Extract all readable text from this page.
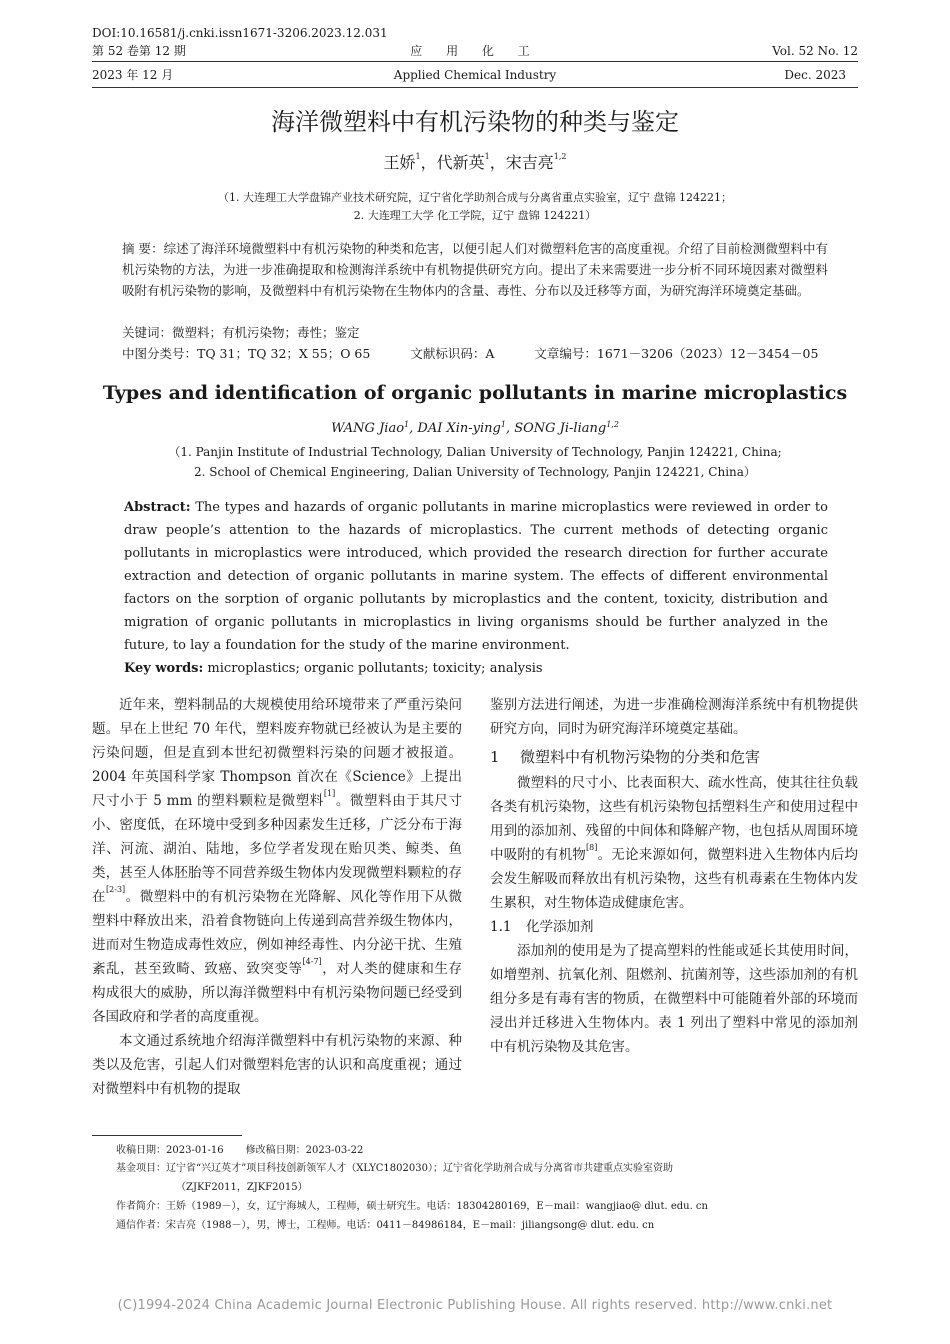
DOI:10.16581/j.cnki.issn1671-3206.2023.12.031
第 52 卷第 12 期	应 用 化 工	Vol. 52 No. 12
2023 年 12 月	Applied Chemical Industry	Dec. 2023
海洋微塑料中有机污染物的种类与鉴定
王娇$^1$，代新英$^1$，宋吉亮$^{1,2}$
（1. 大连理工大学盘锦产业技术研究院，辽宁省化学助剂合成与分离省重点实验室，辽宁 盘锦 124221；
2. 大连理工大学 化工学院，辽宁 盘锦 124221）
摘 要：综述了海洋环境微塑料中有机污染物的种类和危害，以便引起人们对微塑料危害的高度重视。介绍了目前检测微塑料中有机污染物的方法，为进一步准确提取和检测海洋系统中有机物提供研究方向。提出了未来需要进一步分析不同环境因素对微塑料吸附有机污染物的影响，及微塑料中有机污染物在生物体内的含量、毒性、分布以及迁移等方面，为研究海洋环境奠定基础。
关键词：微塑料；有机污染物；毒性；鉴定
中图分类号：TQ 31；TQ 32；X 55；O 65	文献标识码：A	文章编号：1671－3206（2023）12－3454－05
Types and identification of organic pollutants in marine microplastics
WANG Jiao$^1$, DAI Xin-ying$^1$, SONG Ji-liang$^{1,2}$
（1. Panjin Institute of Industrial Technology, Dalian University of Technology, Panjin 124221, China;
2. School of Chemical Engineering, Dalian University of Technology, Panjin 124221, China）
Abstract: The types and hazards of organic pollutants in marine microplastics were reviewed in order to draw people’s attention to the hazards of microplastics. The current methods of detecting organic pollutants in microplastics were introduced, which provided the research direction for further accurate extraction and detection of organic pollutants in marine system. The effects of different environmental factors on the sorption of organic pollutants by microplastics and the content, toxicity, distribution and migration of organic pollutants in microplastics in living organisms should be further analyzed in the future, to lay a foundation for the study of the marine environment.
Key words: microplastics; organic pollutants; toxicity; analysis

近年来，塑料制品的大规模使用给环境带来了严重污染问题。早在上世纪 70 年代，塑料废弃物就已经被认为是主要的污染问题，但是直到本世纪初微塑料污染的问题才被报道。2004 年英国科学家 Thompson 首次在《Science》上提出尺寸小于 5 mm 的塑料颗粒是微塑料[1]。微塑料由于其尺寸小、密度低，在环境中受到多种因素发生迁移，广泛分布于海洋、河流、湖泊、陆地，多位学者发现在贻贝类、鲸类、鱼类，甚至人体胚胎等不同营养级生物体内发现微塑料颗粒的存在[2-3]。微塑料中的有机污染物在光降解、风化等作用下从微塑料中释放出来，沿着食物链向上传递到高营养级生物体内，进而对生物造成毒性效应，例如神经毒性、内分泌干扰、生殖紊乱，甚至致畸、致癌、致突变等[4-7]，对人类的健康和生存构成很大的威胁，所以海洋微塑料中有机污染物问题已经受到各国政府和学者的高度重视。

本文通过系统地介绍海洋微塑料中有机污染物的来源、种类以及危害，引起人们对微塑料危害的认识和高度重视；通过对微塑料中有机物的提取

鉴别方法进行阐述，为进一步准确检测海洋系统中有机物提供研究方向，同时为研究海洋环境奠定基础。

1 微塑料中有机物污染物的分类和危害

微塑料的尺寸小、比表面积大、疏水性高，使其往往负载各类有机污染物，这些有机污染物包括塑料生产和使用过程中用到的添加剂、残留的中间体和降解产物，也包括从周围环境中吸附的有机物[8]。无论来源如何，微塑料进入生物体内后均会发生解吸而释放出有机污染物，这些有机毒素在生物体内发生累积，对生物体造成健康危害。

1.1 化学添加剂

添加剂的使用是为了提高塑料的性能或延长其使用时间，如增塑剂、抗氧化剂、阻燃剂、抗菌剂等，这些添加剂的有机组分多是有毒有害的物质，在微塑料中可能随着外部的环境而浸出并迁移进入生物体内。表 1 列出了塑料中常见的添加剂中有机污染物及其危害。

收稿日期：2023-01-16 修改稿日期：2023-03-22
基金项目：辽宁省“兴辽英才”项目科技创新领军人才（XLYC1802030）；辽宁省化学助剂合成与分离省市共建重点实验室资助
（ZJKF2011，ZJKF2015）
作者简介：王娇（1989－），女，辽宁海城人，工程师，硕士研究生。电话：18304280169，E－mail：wangjiao@ dlut. edu. cn
通信作者：宋吉亮（1988－），男，博士，工程师。电话：0411－84986184，E－mail：jiliangsong@ dlut. edu. cn
(C)1994-2024 China Academic Journal Electronic Publishing House. All rights reserved. http://www.cnki.net
